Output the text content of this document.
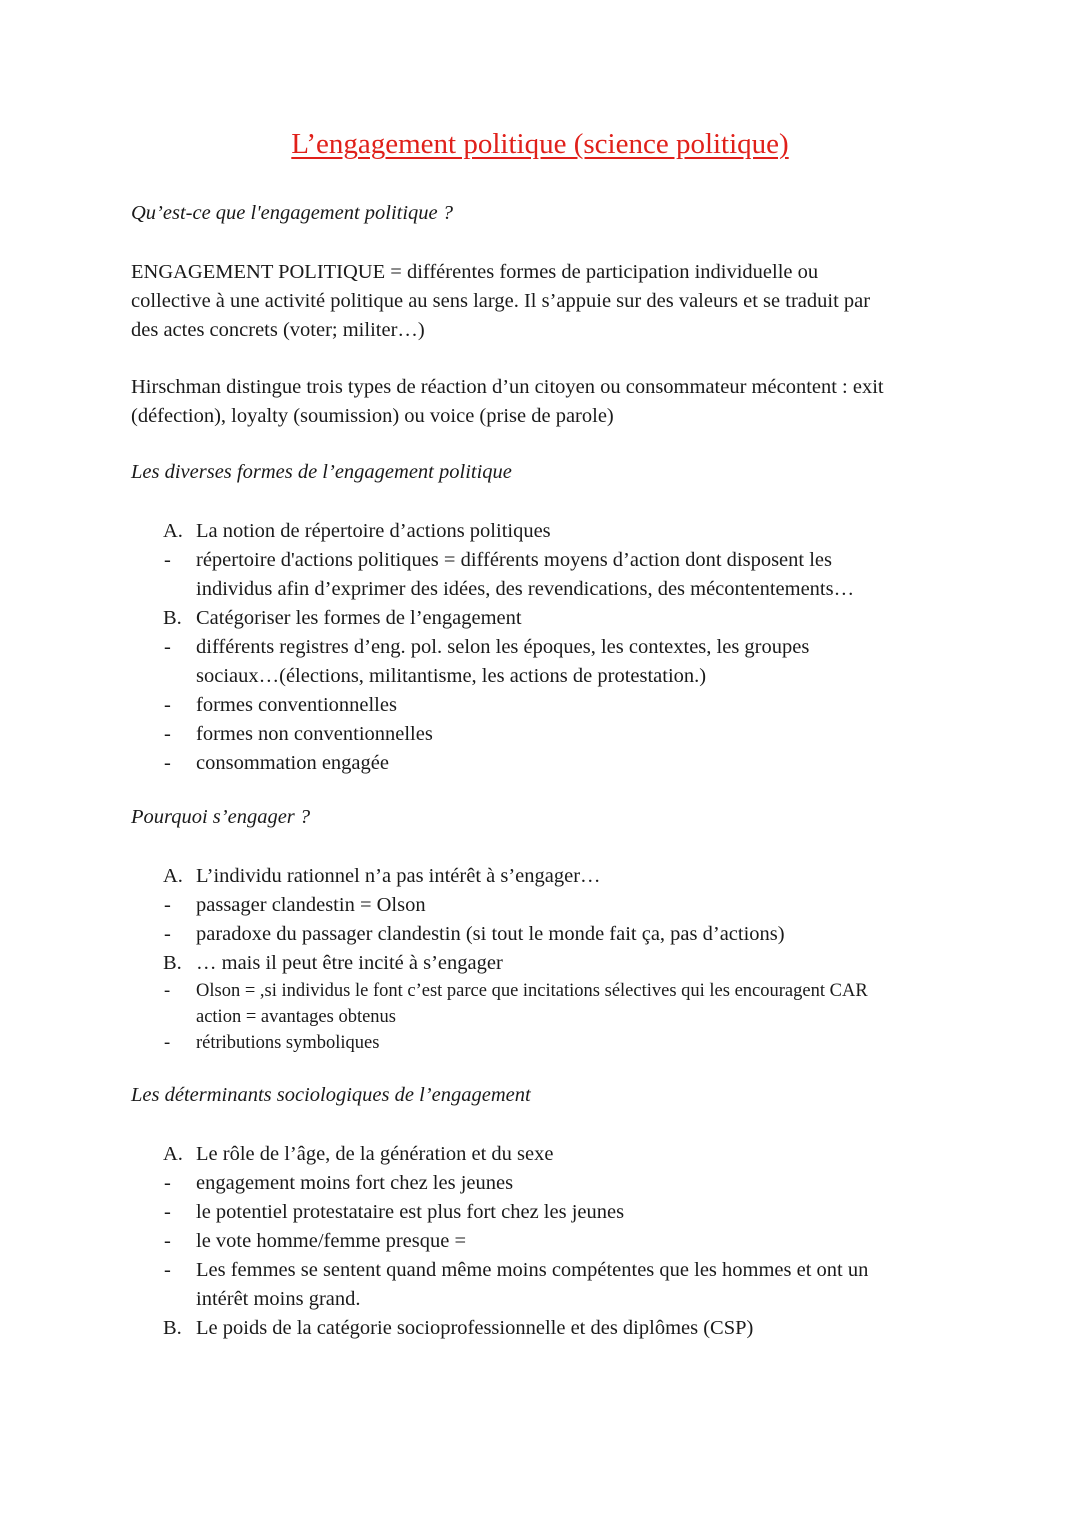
L’engagement politique (science politique)

Qu’est-ce que l'engagement politique ?

ENGAGEMENT POLITIQUE = différentes formes de participation individuelle ou
collective à une activité politique au sens large. Il s’appuie sur des valeurs et se traduit par
des actes concrets (voter; militer…)
Hirschman distingue trois types de réaction d’un citoyen ou consommateur mécontent : exit
(défection), loyalty (soumission) ou voice (prise de parole)

Les diverses formes de l’engagement politique

A. La notion de répertoire d’actions politiques
- répertoire d'actions politiques = différents moyens d’action dont disposent les
individus afin d’exprimer des idées, des revendications, des mécontentements…
B. Catégoriser les formes de l’engagement
- différents registres d’eng. pol. selon les époques, les contextes, les groupes
sociaux…(élections, militantisme, les actions de protestation.)
- formes conventionnelles
- formes non conventionnelles
- consommation engagée

Pourquoi s’engager ?

A. L’individu rationnel n’a pas intérêt à s’engager…
- passager clandestin = Olson
- paradoxe du passager clandestin (si tout le monde fait ça, pas d’actions)
B. … mais il peut être incité à s’engager
- Olson = ,si individus le font c’est parce que incitations sélectives qui les encouragent CAR
action = avantages obtenus
- rétributions symboliques

Les déterminants sociologiques de l’engagement

A. Le rôle de l’âge, de la génération et du sexe
- engagement moins fort chez les jeunes
- le potentiel protestataire est plus fort chez les jeunes
- le vote homme/femme presque =
- Les femmes se sentent quand même moins compétentes que les hommes et ont un
intérêt moins grand.
B. Le poids de la catégorie socioprofessionnelle et des diplômes (CSP)
